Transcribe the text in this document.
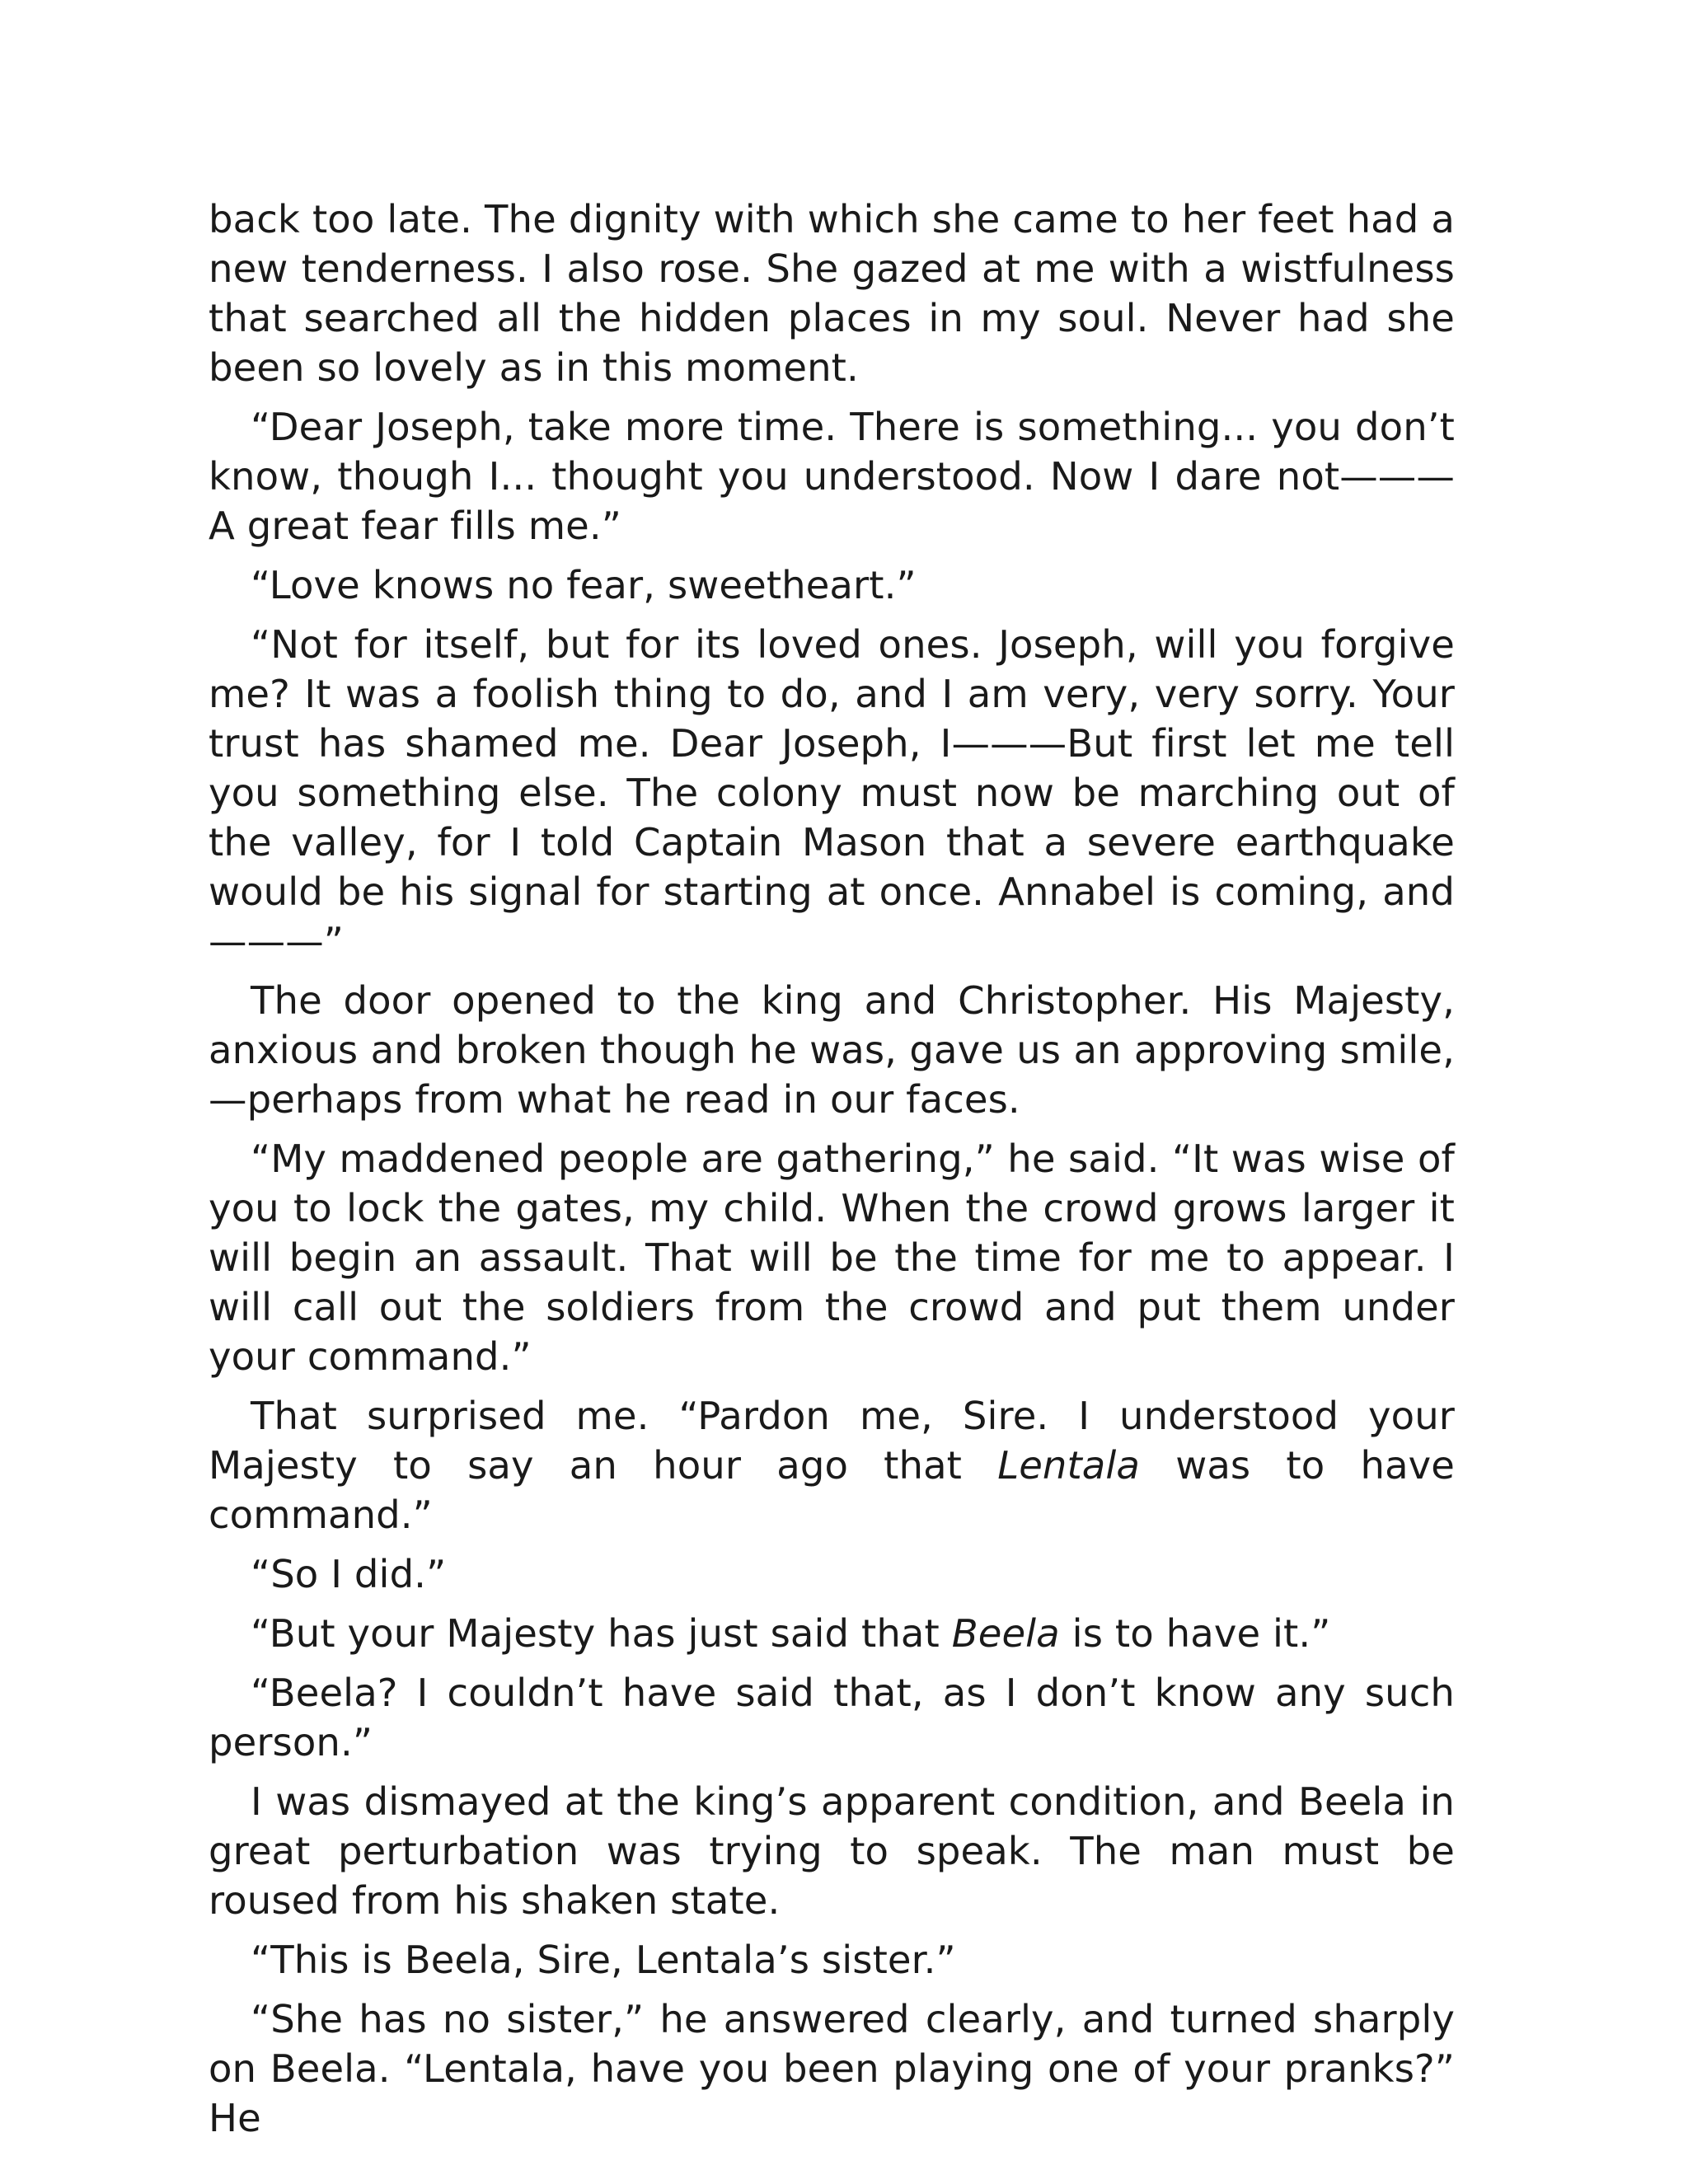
back too late. The dignity with which she came to her feet had a new tenderness. I also rose. She gazed at me with a wistfulness that searched all the hidden places in my soul. Never had she been so lovely as in this moment.

“Dear Joseph, take more time. There is something... you don’t know, though I... thought you understood. Now I dare not———A great fear fills me.”

“Love knows no fear, sweetheart.”

“Not for itself, but for its loved ones. Joseph, will you forgive me? It was a foolish thing to do, and I am very, very sorry. Your trust has shamed me. Dear Joseph, I———But first let me tell you something else. The colony must now be marching out of the valley, for I told Captain Mason that a severe earthquake would be his signal for starting at once. Annabel is coming, and———”

The door opened to the king and Christopher. His Majesty, anxious and broken though he was, gave us an approving smile,—perhaps from what he read in our faces.

“My maddened people are gathering,” he said. “It was wise of you to lock the gates, my child. When the crowd grows larger it will begin an assault. That will be the time for me to appear. I will call out the soldiers from the crowd and put them under your command.”

That surprised me. “Pardon me, Sire. I understood your Majesty to say an hour ago that Lentala was to have command.”

“So I did.”

“But your Majesty has just said that Beela is to have it.”

“Beela? I couldn’t have said that, as I don’t know any such person.”

I was dismayed at the king’s apparent condition, and Beela in great perturbation was trying to speak. The man must be roused from his shaken state.

“This is Beela, Sire, Lentala’s sister.”

“She has no sister,” he answered clearly, and turned sharply on Beela. “Lentala, have you been playing one of your pranks?” He
